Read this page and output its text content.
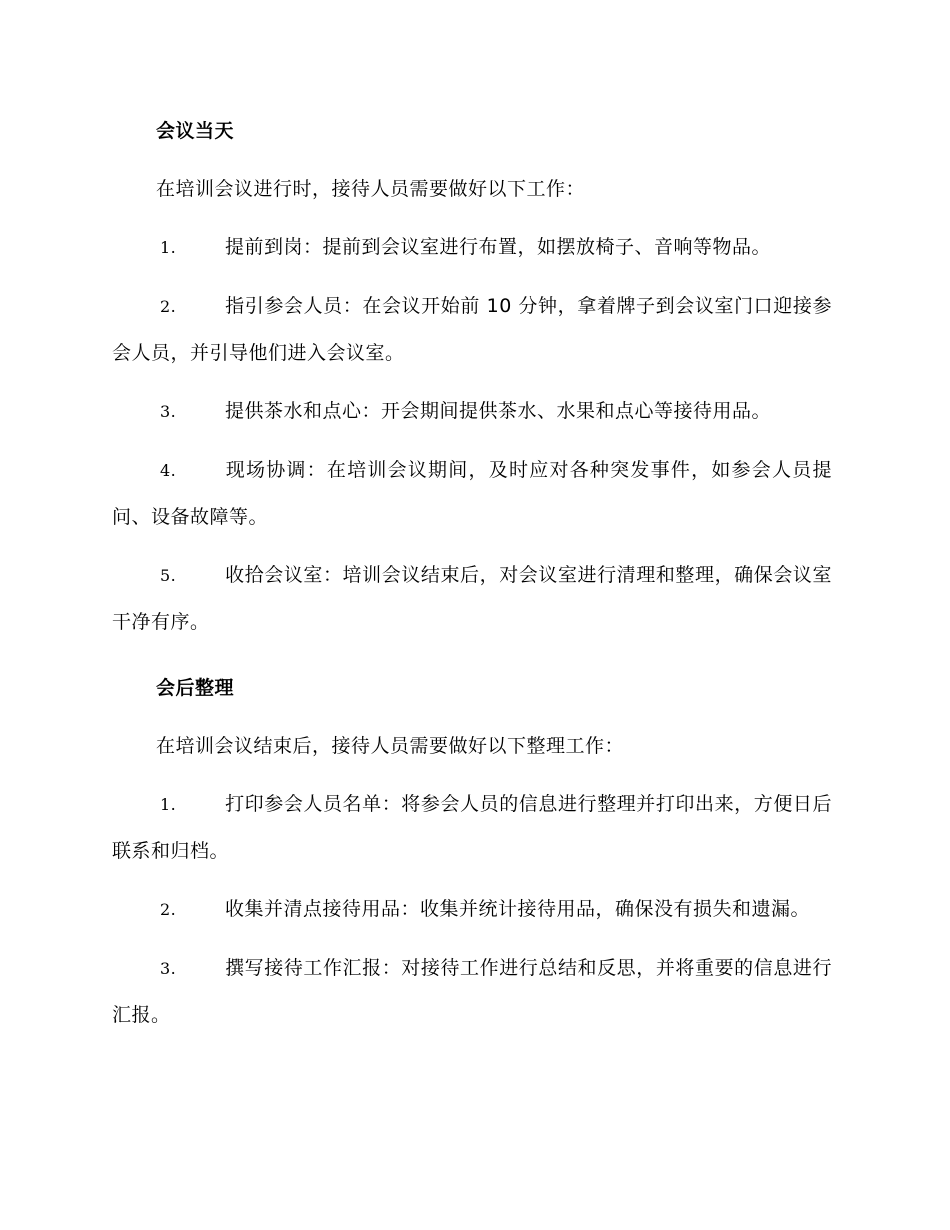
会议当天

在培训会议进行时，接待人员需要做好以下工作：

1.	提前到岗：提前到会议室进行布置，如摆放椅子、音响等物品。
2.	指引参会人员：在会议开始前 10 分钟，拿着牌子到会议室门口迎接参会人员，并引导他们进入会议室。
3.	提供茶水和点心：开会期间提供茶水、水果和点心等接待用品。
4.	现场协调：在培训会议期间，及时应对各种突发事件，如参会人员提问、设备故障等。
5.	收拾会议室：培训会议结束后，对会议室进行清理和整理，确保会议室干净有序。
会后整理

在培训会议结束后，接待人员需要做好以下整理工作：

1.	打印参会人员名单：将参会人员的信息进行整理并打印出来，方便日后联系和归档。
2.	收集并清点接待用品：收集并统计接待用品，确保没有损失和遗漏。
3.	撰写接待工作汇报：对接待工作进行总结和反思，并将重要的信息进行汇报。
